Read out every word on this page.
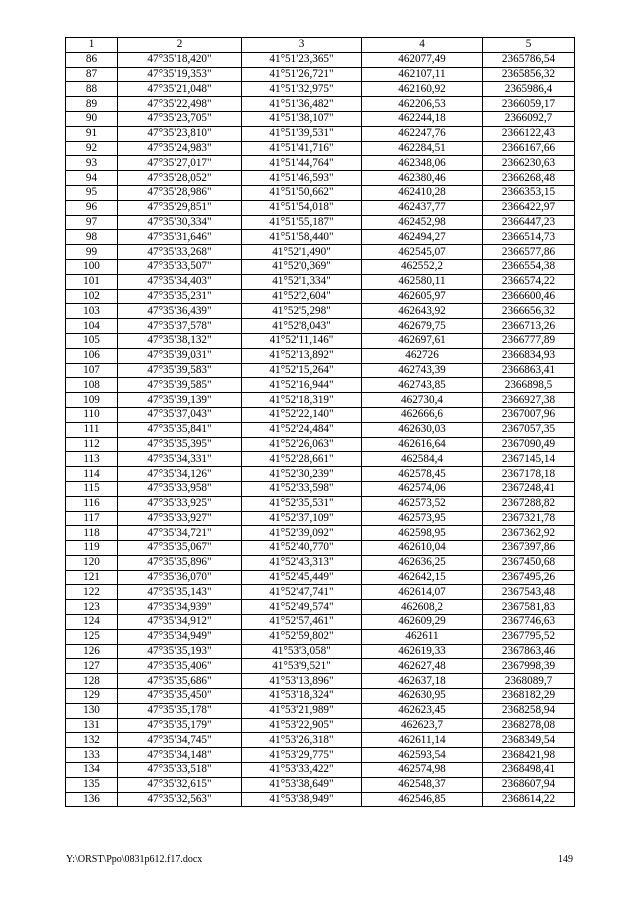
1	2	3	4	5
86	47°35'18,420"	41°51'23,365"	462077,49	2365786,54
87	47°35'19,353"	41°51'26,721"	462107,11	2365856,32
88	47°35'21,048"	41°51'32,975"	462160,92	2365986,4
89	47°35'22,498"	41°51'36,482"	462206,53	2366059,17
90	47°35'23,705"	41°51'38,107"	462244,18	2366092,7
91	47°35'23,810"	41°51'39,531"	462247,76	2366122,43
92	47°35'24,983"	41°51'41,716"	462284,51	2366167,66
93	47°35'27,017"	41°51'44,764"	462348,06	2366230,63
94	47°35'28,052"	41°51'46,593"	462380,46	2366268,48
95	47°35'28,986"	41°51'50,662"	462410,28	2366353,15
96	47°35'29,851"	41°51'54,018"	462437,77	2366422,97
97	47°35'30,334"	41°51'55,187"	462452,98	2366447,23
98	47°35'31,646"	41°51'58,440"	462494,27	2366514,73
99	47°35'33,268"	41°52'1,490"	462545,07	2366577,86
100	47°35'33,507"	41°52'0,369"	462552,2	2366554,38
101	47°35'34,403"	41°52'1,334"	462580,11	2366574,22
102	47°35'35,231"	41°52'2,604"	462605,97	2366600,46
103	47°35'36,439"	41°52'5,298"	462643,92	2366656,32
104	47°35'37,578"	41°52'8,043"	462679,75	2366713,26
105	47°35'38,132"	41°52'11,146"	462697,61	2366777,89
106	47°35'39,031"	41°52'13,892"	462726	2366834,93
107	47°35'39,583"	41°52'15,264"	462743,39	2366863,41
108	47°35'39,585"	41°52'16,944"	462743,85	2366898,5
109	47°35'39,139"	41°52'18,319"	462730,4	2366927,38
110	47°35'37,043"	41°52'22,140"	462666,6	2367007,96
111	47°35'35,841"	41°52'24,484"	462630,03	2367057,35
112	47°35'35,395"	41°52'26,063"	462616,64	2367090,49
113	47°35'34,331"	41°52'28,661"	462584,4	2367145,14
114	47°35'34,126"	41°52'30,239"	462578,45	2367178,18
115	47°35'33,958"	41°52'33,598"	462574,06	2367248,41
116	47°35'33,925"	41°52'35,531"	462573,52	2367288,82
117	47°35'33,927"	41°52'37,109"	462573,95	2367321,78
118	47°35'34,721"	41°52'39,092"	462598,95	2367362,92
119	47°35'35,067"	41°52'40,770"	462610,04	2367397,86
120	47°35'35,896"	41°52'43,313"	462636,25	2367450,68
121	47°35'36,070"	41°52'45,449"	462642,15	2367495,26
122	47°35'35,143"	41°52'47,741"	462614,07	2367543,48
123	47°35'34,939"	41°52'49,574"	462608,2	2367581,83
124	47°35'34,912"	41°52'57,461"	462609,29	2367746,63
125	47°35'34,949"	41°52'59,802"	462611	2367795,52
126	47°35'35,193"	41°53'3,058"	462619,33	2367863,46
127	47°35'35,406"	41°53'9,521"	462627,48	2367998,39
128	47°35'35,686"	41°53'13,896"	462637,18	2368089,7
129	47°35'35,450"	41°53'18,324"	462630,95	2368182,29
130	47°35'35,178"	41°53'21,989"	462623,45	2368258,94
131	47°35'35,179"	41°53'22,905"	462623,7	2368278,08
132	47°35'34,745"	41°53'26,318"	462611,14	2368349,54
133	47°35'34,148"	41°53'29,775"	462593,54	2368421,98
134	47°35'33,518"	41°53'33,422"	462574,98	2368498,41
135	47°35'32,615"	41°53'38,649"	462548,37	2368607,94
136	47°35'32,563"	41°53'38,949"	462546,85	2368614,22
Y:\ORST\Ppo\0831p612.f17.docx	149
